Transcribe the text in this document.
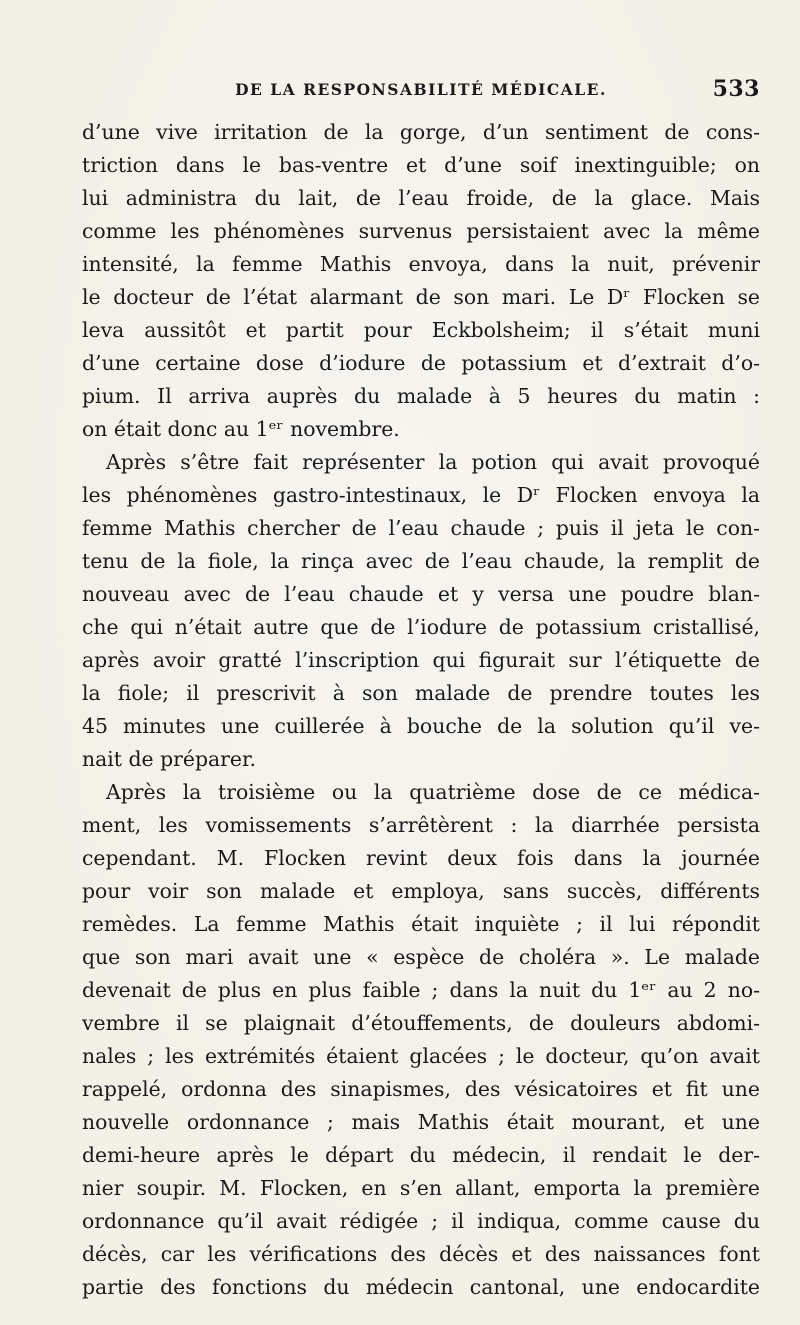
DE LA RESPONSABILITÉ MÉDICALE.	533
d’une vive irritation de la gorge, d’un sentiment de cons-
triction dans le bas-ventre et d’une soif inextinguible; on
lui administra du lait, de l’eau froide, de la glace. Mais
comme les phénomènes survenus persistaient avec la même
intensité, la femme Mathis envoya, dans la nuit, prévenir
le docteur de l’état alarmant de son mari. Le Dʳ Flocken se
leva aussitôt et partit pour Eckbolsheim; il s’était muni
d’une certaine dose d’iodure de potassium et d’extrait d’o-
pium. Il arriva auprès du malade à 5 heures du matin :
on était donc au 1ᵉʳ novembre.
Après s’être fait représenter la potion qui avait provoqué
les phénomènes gastro-intestinaux, le Dʳ Flocken envoya la
femme Mathis chercher de l’eau chaude ; puis il jeta le con-
tenu de la fiole, la rinça avec de l’eau chaude, la remplit de
nouveau avec de l’eau chaude et y versa une poudre blan-
che qui n’était autre que de l’iodure de potassium cristallisé,
après avoir gratté l’inscription qui figurait sur l’étiquette de
la fiole; il prescrivit à son malade de prendre toutes les
45 minutes une cuillerée à bouche de la solution qu’il ve-
nait de préparer.
Après la troisième ou la quatrième dose de ce médica-
ment, les vomissements s’arrêtèrent : la diarrhée persista
cependant. M. Flocken revint deux fois dans la journée
pour voir son malade et employa, sans succès, différents
remèdes. La femme Mathis était inquiète ; il lui répondit
que son mari avait une « espèce de choléra ». Le malade
devenait de plus en plus faible ; dans la nuit du 1ᵉʳ au 2 no-
vembre il se plaignait d’étouffements, de douleurs abdomi-
nales ; les extrémités étaient glacées ; le docteur, qu’on avait
rappelé, ordonna des sinapismes, des vésicatoires et fit une
nouvelle ordonnance ; mais Mathis était mourant, et une
demi-heure après le départ du médecin, il rendait le der-
nier soupir. M. Flocken, en s’en allant, emporta la première
ordonnance qu’il avait rédigée ; il indiqua, comme cause du
décès, car les vérifications des décès et des naissances font
partie des fonctions du médecin cantonal, une endocardite
